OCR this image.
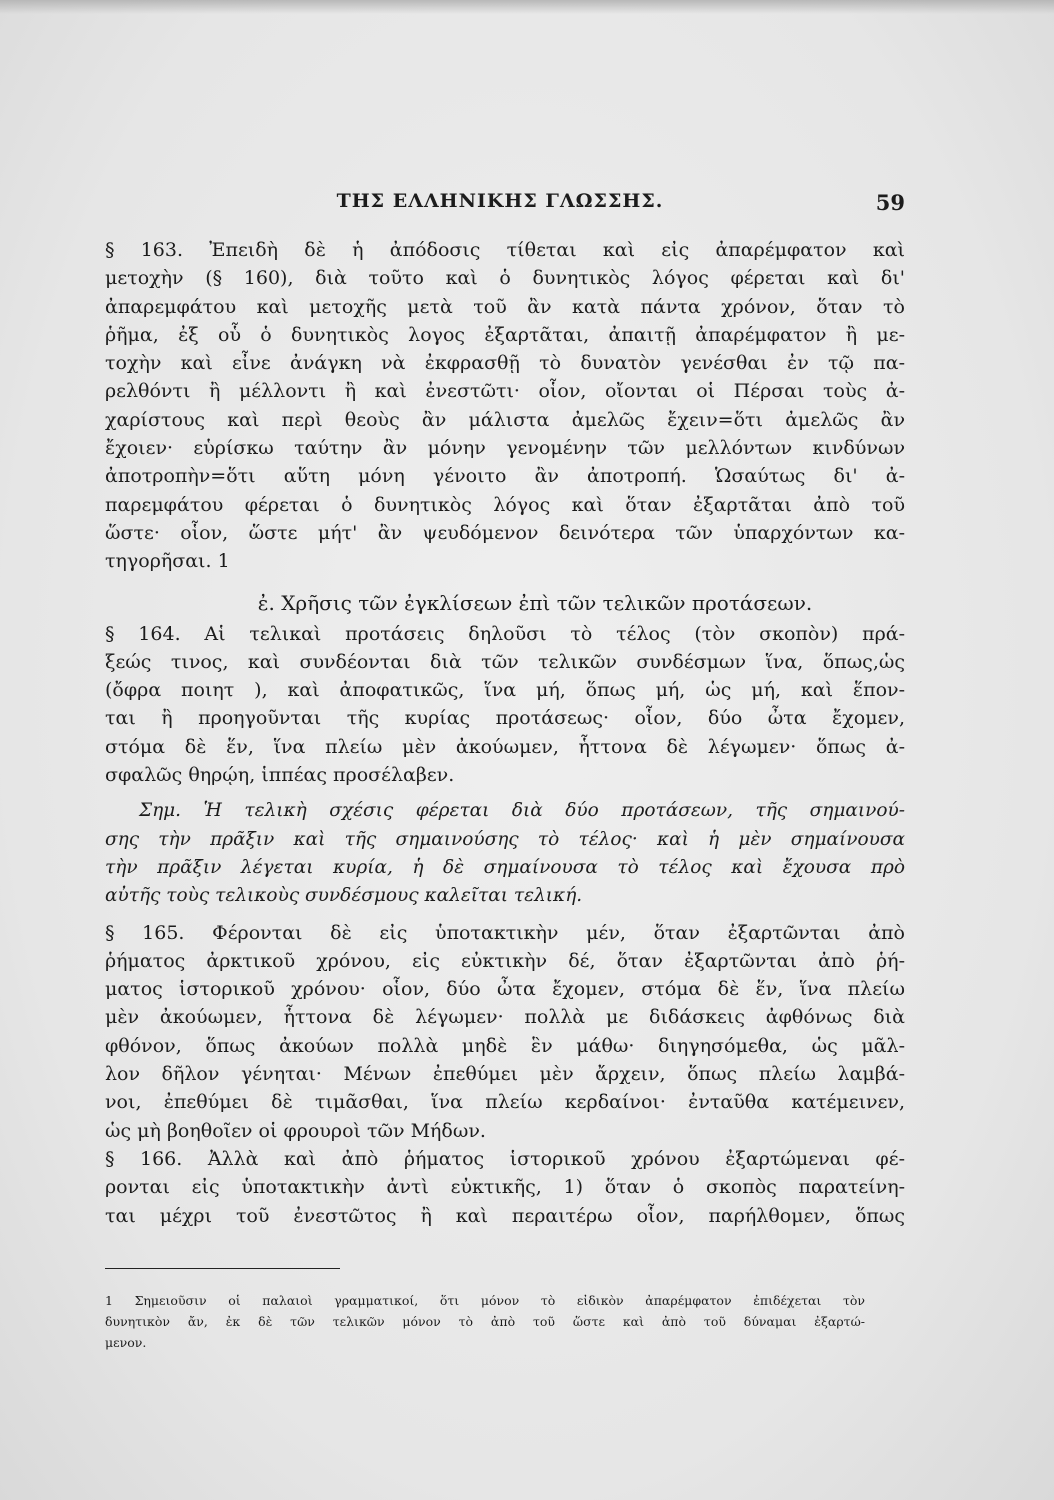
ΤΗΣ ΕΛΛΗΝΙΚΗΣ ΓΛΩΣΣΗΣ.	59
§ 163. Ἐπειδὴ δὲ ἡ ἀπόδοσις τίθεται καὶ εἰς ἀπαρέμφατον καὶ
μετοχὴν (§ 160), διὰ τοῦτο καὶ ὁ δυνητικὸς λόγος φέρεται καὶ δι'
ἀπαρεμφάτου καὶ μετοχῆς μετὰ τοῦ ἂν κατὰ πάντα χρόνον, ὅταν τὸ
ῥῆμα, ἐξ οὗ ὁ δυνητικὸς λογος ἐξαρτᾶται, ἀπαιτῇ ἀπαρέμφατον ἢ με-
τοχὴν καὶ εἶνε ἀνάγκη νὰ ἐκφρασθῇ τὸ δυνατὸν γενέσθαι ἐν τῷ πα-
ρελθόντι ἢ μέλλοντι ἢ καὶ ἐνεστῶτι· οἷον, οἴονται οἱ Πέρσαι τοὺς ἀ-
χαρίστους καὶ περὶ θεοὺς ἂν μάλιστα ἀμελῶς ἔχειν=ὅτι ἀμελῶς ἂν
ἔχοιεν· εὑρίσκω ταύτην ἂν μόνην γενομένην τῶν μελλόντων κινδύνων
ἀποτροπὴν=ὅτι αὕτη μόνη γένοιτο ἂν ἀποτροπή. Ὡσαύτως δι' ἀ-
παρεμφάτου φέρεται ὁ δυνητικὸς λόγος καὶ ὅταν ἐξαρτᾶται ἀπὸ τοῦ
ὥστε· οἷον, ὥστε μήτ' ἂν ψευδόμενον δεινότερα τῶν ὑπαρχόντων κα-
τηγορῆσαι. 1
ἐ. Χρῆσις τῶν ἐγκλίσεων ἐπὶ τῶν τελικῶν προτάσεων.
§ 164. Αἱ τελικαὶ προτάσεις δηλοῦσι τὸ τέλος (τὸν σκοπὸν) πρά-
ξεώς τινος, καὶ συνδέονται διὰ τῶν τελικῶν συνδέσμων ἵνα, ὅπως,ὡς
(ὄφρα ποιητ ), καὶ ἀποφατικῶς, ἵνα μή, ὅπως μή, ὡς μή, καὶ ἕπον-
ται ἢ προηγοῦνται τῆς κυρίας προτάσεως· οἷον, δύο ὦτα ἔχομεν,
στόμα δὲ ἕν, ἵνα πλείω μὲν ἀκούωμεν, ἧττονα δὲ λέγωμεν· ὅπως ἀ-
σφαλῶς θηρῴη, ἱππέας προσέλαβεν.
Σημ. Ἡ τελικὴ σχέσις φέρεται διὰ δύο προτάσεων, τῆς σημαινού-
σης τὴν πρᾶξιν καὶ τῆς σημαινούσης τὸ τέλος· καὶ ἡ μὲν σημαίνουσα
τὴν πρᾶξιν λέγεται κυρία, ἡ δὲ σημαίνουσα τὸ τέλος καὶ ἔχουσα πρὸ
αὐτῆς τοὺς τελικοὺς συνδέσμους καλεῖται τελική.
§ 165. Φέρονται δὲ εἰς ὑποτακτικὴν μέν, ὅταν ἐξαρτῶνται ἀπὸ
ῥήματος ἀρκτικοῦ χρόνου, εἰς εὐκτικὴν δέ, ὅταν ἐξαρτῶνται ἀπὸ ῥή-
ματος ἱστορικοῦ χρόνου· οἷον, δύο ὦτα ἔχομεν, στόμα δὲ ἕν, ἵνα πλείω
μὲν ἀκούωμεν, ἧττονα δὲ λέγωμεν· πολλὰ με διδάσκεις ἀφθόνως διὰ
φθόνον, ὅπως ἀκούων πολλὰ μηδὲ ἓν μάθω· διηγησόμεθα, ὡς μᾶλ-
λον δῆλον γένηται· Μένων ἐπεθύμει μὲν ἄρχειν, ὅπως πλείω λαμβά-
νοι, ἐπεθύμει δὲ τιμᾶσθαι, ἵνα πλείω κερδαίνοι· ἐνταῦθα κατέμεινεν,
ὡς μὴ βοηθοῖεν οἱ φρουροὶ τῶν Μήδων.
§ 166. Ἀλλὰ καὶ ἀπὸ ῥήματος ἱστορικοῦ χρόνου ἐξαρτώμεναι φέ-
ρονται εἰς ὑποτακτικὴν ἀντὶ εὐκτικῆς, 1) ὅταν ὁ σκοπὸς παρατείνη-
ται μέχρι τοῦ ἐνεστῶτος ἢ καὶ περαιτέρω οἷον, παρήλθομεν, ὅπως
1 Σημειοῦσιν οἱ παλαιοὶ γραμματικοί, ὅτι μόνον τὸ εἰδικὸν ἀπαρέμφατον ἐπιδέχεται τὸν
δυνητικὸν ἄν, ἐκ δὲ τῶν τελικῶν μόνον τὸ ἀπὸ τοῦ ὥστε καὶ ἀπὸ τοῦ δύναμαι ἐξαρτώ-
μενον.
